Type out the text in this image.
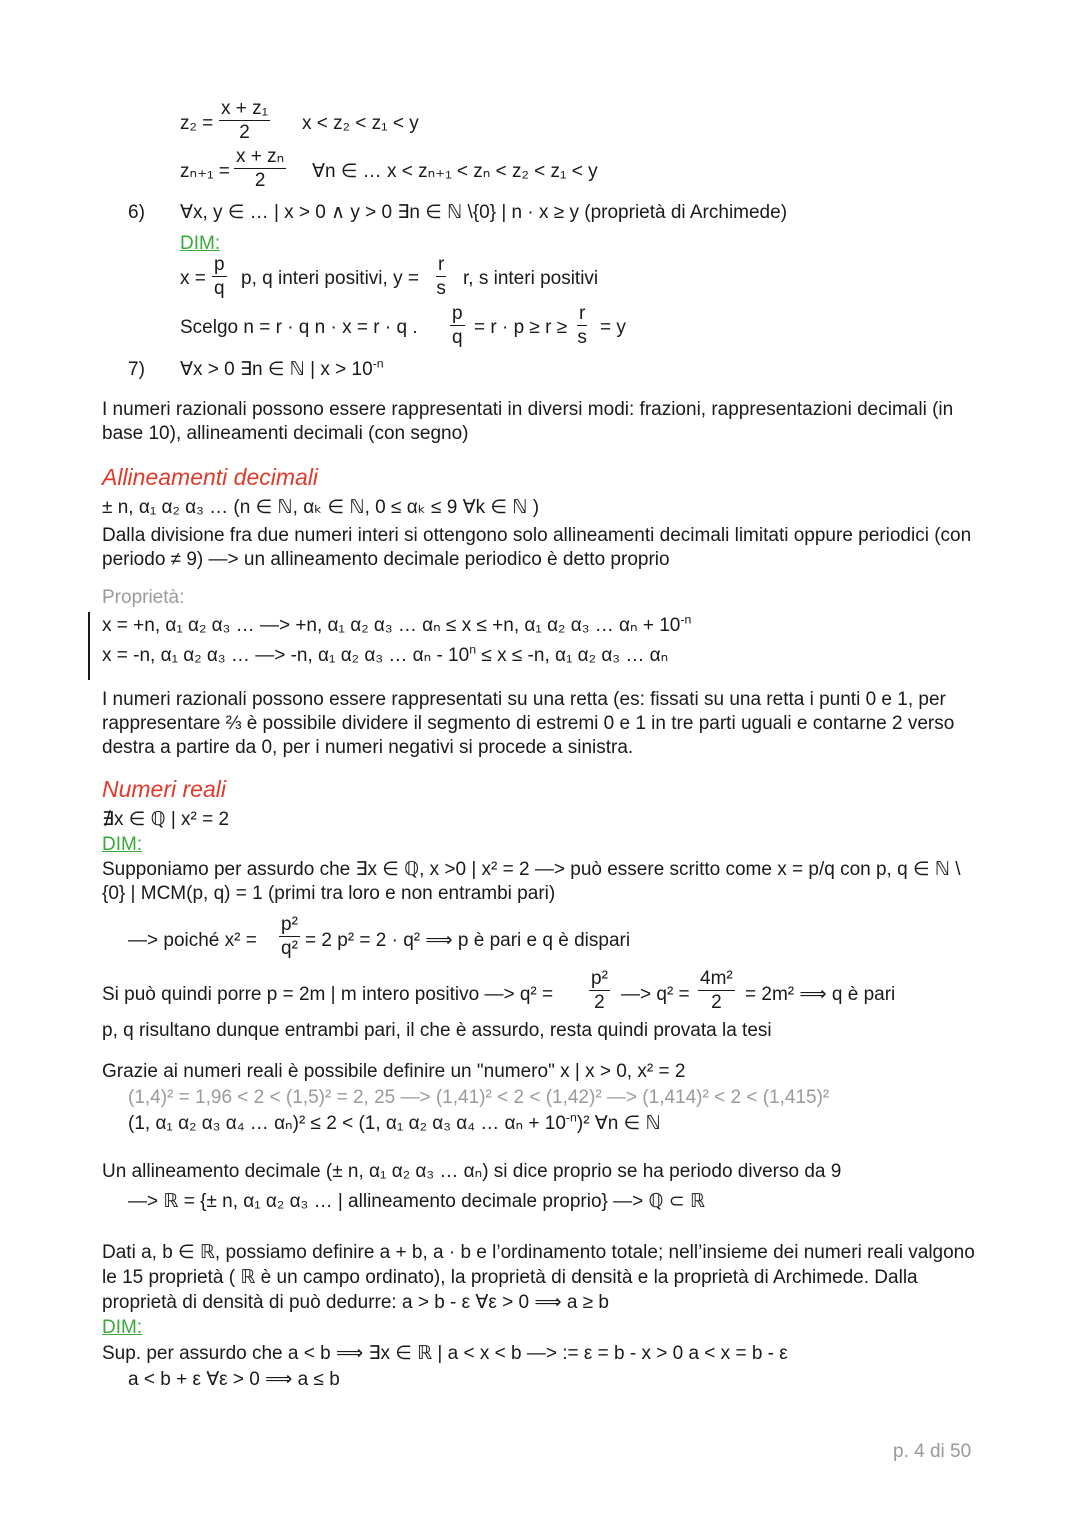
$z_2 = \frac{\text{x + z₁}}{2}$ x < z₂ < z₁ < y
$z_{n+1} = \frac{\text{x + zₙ}}{2}$ ∀n ∈ … x < zₙ₊₁ < zₙ < z₂ < z₁ < y
6) ∀x, y ∈ … | x > 0 ∧ y > 0 ∃n ∈ ℕ \{0} | n · x ≥ y (proprietà di Archimede)
DIM:
$x = \frac{p}{q} p$, q interi positivi, $y = \frac{r}{s} r$, s interi positivi
Scelgo n = r · q n · x = r · q . $\frac{p}{q} = r \cdot p \ge r \ge \frac{r}{s} = y$
7) ∀x > 0 ∃n ∈ ℕ | $x > 10^{-n}$
I numeri razionali possono essere rappresentati in diversi modi: frazioni, rappresentazioni decimali (in base 10), allineamenti decimali (con segno)
Allineamenti decimali
± n, α₁ α₂ α₃ … (n ∈ ℕ, αₖ ∈ ℕ, 0 ≤ αₖ ≤ 9 ∀k ∈ ℕ )
Dalla divisione fra due numeri interi si ottengono solo allineamenti decimali limitati oppure periodici (con periodo ≠ 9) —> un allineamento decimale periodico è detto proprio
Proprietà:
x = +n, α₁ α₂ α₃ … —> +n, α₁ α₂ α₃ … αₙ ≤ x ≤ +n, α₁ α₂ α₃ … $\alpha_n + 10^{-n}$
x = -n, α₁ α₂ α₃ … —> -n, α₁ α₂ α₃ … $\alpha_n - 10^n \le x \le -n$, α₁ α₂ α₃ … αₙ
I numeri razionali possono essere rappresentati su una retta (es: fissati su una retta i punti 0 e 1, per rappresentare ⅔ è possibile dividere il segmento di estremi 0 e 1 in tre parti uguali e contarne 2 verso destra a partire da 0, per i numeri negativi si procede a sinistra.
Numeri reali
∄x ∈ ℚ | x² = 2
DIM:
Supponiamo per assurdo che ∃x ∈ ℚ, x >0 | x² = 2 —> può essere scritto come x = p/q con p, q ∈ ℕ \ {0} | MCM(p, q) = 1 (primi tra loro e non entrambi pari)
—> poiché $x^2 = \frac{\text{p²}}{\text{q²}} = 2$ p² = 2 · q² ⟹ p è pari e q è dispari
Si può quindi porre p = 2m | m intero positivo —> $q^2 = \frac{\text{p²}}{2}$ —> $q^2 = \frac{\text{4m²}}{2} = 2m^2$ ⟹ q è pari
p, q risultano dunque entrambi pari, il che è assurdo, resta quindi provata la tesi
Grazie ai numeri reali è possibile definire un "numero" x | x > 0, x² = 2
(1,4)² = 1,96 < 2 < (1,5)² = 2, 25 —> (1,41)² < 2 < (1,42)² —> (1,414)² < 2 < (1,415)²
(1, α₁ α₂ α₃ α₄ … αₙ)² ≤ 2 < (1, α₁ α₂ α₃ α₄ … $\alpha_n + 10^{-n})^2$ ∀n ∈ ℕ
Un allineamento decimale (± n, α₁ α₂ α₃ … αₙ) si dice proprio se ha periodo diverso da 9
—> ℝ = {± n, α₁ α₂ α₃ … | allineamento decimale proprio} —> ℚ ⊂ ℝ
Dati a, b ∈ ℝ, possiamo definire a + b, a · b e l’ordinamento totale; nell’insieme dei numeri reali valgono le 15 proprietà ( ℝ è un campo ordinato), la proprietà di densità e la proprietà di Archimede. Dalla proprietà di densità di può dedurre: a > b - ε ∀ε > 0 ⟹ a ≥ b
DIM:
Sup. per assurdo che a < b ⟹ ∃x ∈ ℝ | a < x < b —> := ε = b - x > 0 a < x = b - ε
a < b + ε ∀ε > 0 ⟹ a ≤ b
p. 4 di 50
